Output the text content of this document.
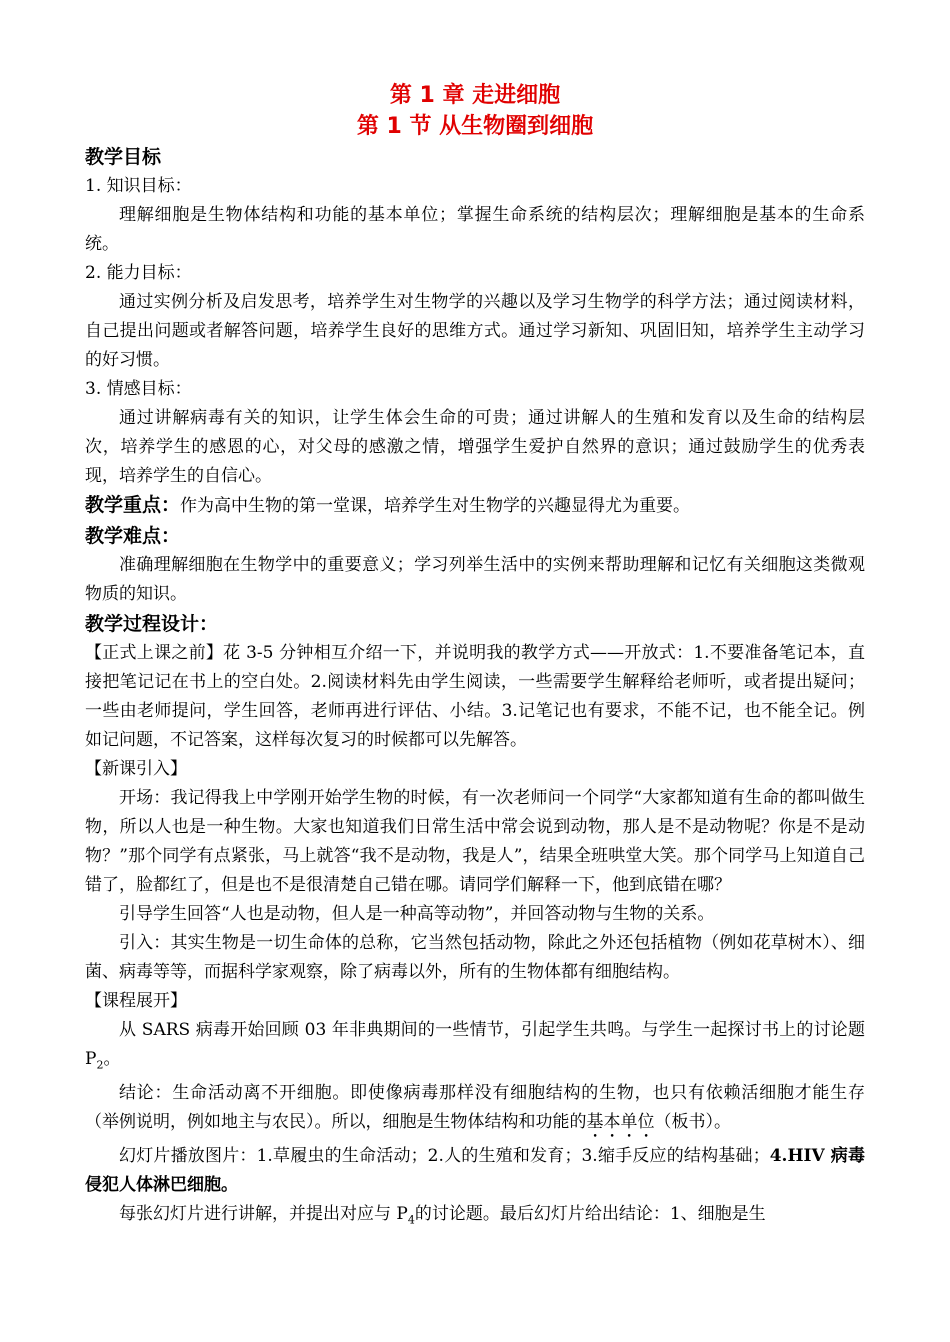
第 1 章 走进细胞
第 1 节 从生物圈到细胞
教学目标

1. 知识目标：

理解细胞是生物体结构和功能的基本单位；掌握生命系统的结构层次；理解细胞是基本的生命系统。

2. 能力目标：

通过实例分析及启发思考，培养学生对生物学的兴趣以及学习生物学的科学方法；通过阅读材料，自己提出问题或者解答问题，培养学生良好的思维方式。通过学习新知、巩固旧知，培养学生主动学习的好习惯。

3. 情感目标：

通过讲解病毒有关的知识，让学生体会生命的可贵；通过讲解人的生殖和发育以及生命的结构层次，培养学生的感恩的心，对父母的感激之情，增强学生爱护自然界的意识；通过鼓励学生的优秀表现，培养学生的自信心。

教学重点：作为高中生物的第一堂课，培养学生对生物学的兴趣显得尤为重要。

教学难点：

准确理解细胞在生物学中的重要意义；学习列举生活中的实例来帮助理解和记忆有关细胞这类微观物质的知识。

教学过程设计：

【正式上课之前】花 3-5 分钟相互介绍一下，并说明我的教学方式——开放式：1.不要准备笔记本，直接把笔记记在书上的空白处。2.阅读材料先由学生阅读，一些需要学生解释给老师听，或者提出疑问；一些由老师提问，学生回答，老师再进行评估、小结。3.记笔记也有要求，不能不记，也不能全记。例如记问题，不记答案，这样每次复习的时候都可以先解答。

【新课引入】

开场：我记得我上中学刚开始学生物的时候，有一次老师问一个同学“大家都知道有生命的都叫做生物，所以人也是一种生物。大家也知道我们日常生活中常会说到动物，那人是不是动物呢？你是不是动物？”那个同学有点紧张，马上就答“我不是动物，我是人”，结果全班哄堂大笑。那个同学马上知道自己错了，脸都红了，但是也不是很清楚自己错在哪。请同学们解释一下，他到底错在哪？

引导学生回答“人也是动物，但人是一种高等动物”，并回答动物与生物的关系。

引入：其实生物是一切生命体的总称，它当然包括动物，除此之外还包括植物（例如花草树木）、细菌、病毒等等，而据科学家观察，除了病毒以外，所有的生物体都有细胞结构。

【课程展开】

从 SARS 病毒开始回顾 03 年非典期间的一些情节，引起学生共鸣。与学生一起探讨书上的讨论题 $P_2$。

结论：生命活动离不开细胞。即使像病毒那样没有细胞结构的生物，也只有依赖活细胞才能生存（举例说明，例如地主与农民）。所以，细胞是生物体结构和功能的基本单位（板书）。

幻灯片播放图片：1.草履虫的生命活动；2.人的生殖和发育；3.缩手反应的结构基础；4.HIV 病毒侵犯人体淋巴细胞。

每张幻灯片进行讲解，并提出对应与 $P_4$的讨论题。最后幻灯片给出结论：1、细胞是生
